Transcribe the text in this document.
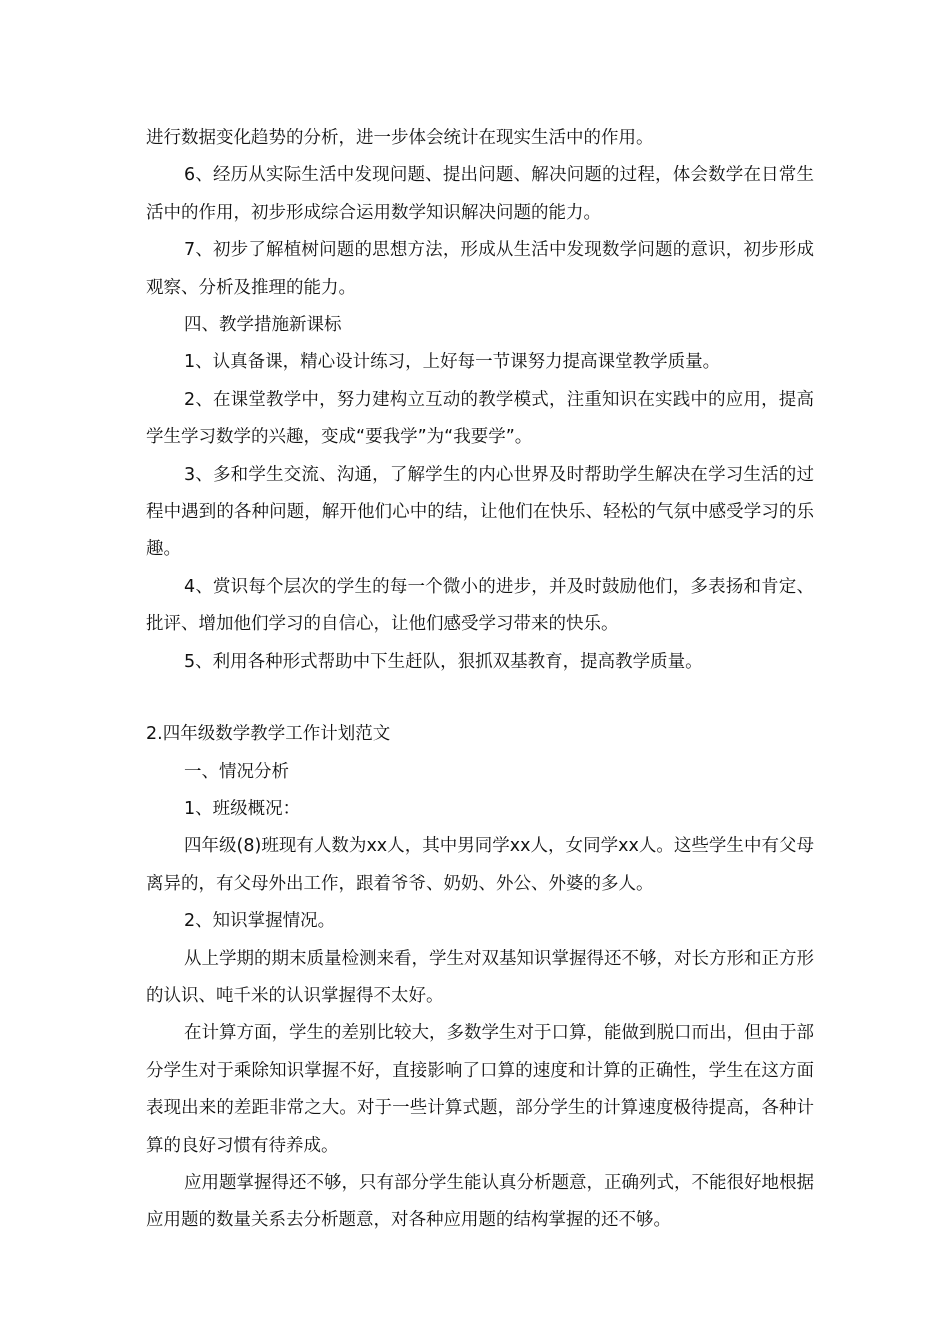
进行数据变化趋势的分析，进一步体会统计在现实生活中的作用。

6、经历从实际生活中发现问题、提出问题、解决问题的过程，体会数学在日常生活中的作用，初步形成综合运用数学知识解决问题的能力。

7、初步了解植树问题的思想方法，形成从生活中发现数学问题的意识，初步形成观察、分析及推理的能力。

四、教学措施新课标

1、认真备课，精心设计练习，上好每一节课努力提高课堂教学质量。

2、在课堂教学中，努力建构立互动的教学模式，注重知识在实践中的应用，提高学生学习数学的兴趣，变成“要我学”为“我要学”。

3、多和学生交流、沟通，了解学生的内心世界及时帮助学生解决在学习生活的过程中遇到的各种问题，解开他们心中的结，让他们在快乐、轻松的气氛中感受学习的乐趣。

4、赏识每个层次的学生的每一个微小的进步，并及时鼓励他们，多表扬和肯定、批评、增加他们学习的自信心，让他们感受学习带来的快乐。

5、利用各种形式帮助中下生赶队，狠抓双基教育，提高教学质量。

2.四年级数学教学工作计划范文

一、情况分析

1、班级概况：

四年级(8)班现有人数为xx人，其中男同学xx人，女同学xx人。这些学生中有父母离异的，有父母外出工作，跟着爷爷、奶奶、外公、外婆的多人。

2、知识掌握情况。

从上学期的期末质量检测来看，学生对双基知识掌握得还不够，对长方形和正方形的认识、吨千米的认识掌握得不太好。

在计算方面，学生的差别比较大，多数学生对于口算，能做到脱口而出，但由于部分学生对于乘除知识掌握不好，直接影响了口算的速度和计算的正确性，学生在这方面表现出来的差距非常之大。对于一些计算式题，部分学生的计算速度极待提高，各种计算的良好习惯有待养成。

应用题掌握得还不够，只有部分学生能认真分析题意，正确列式，不能很好地根据应用题的数量关系去分析题意，对各种应用题的结构掌握的还不够。
